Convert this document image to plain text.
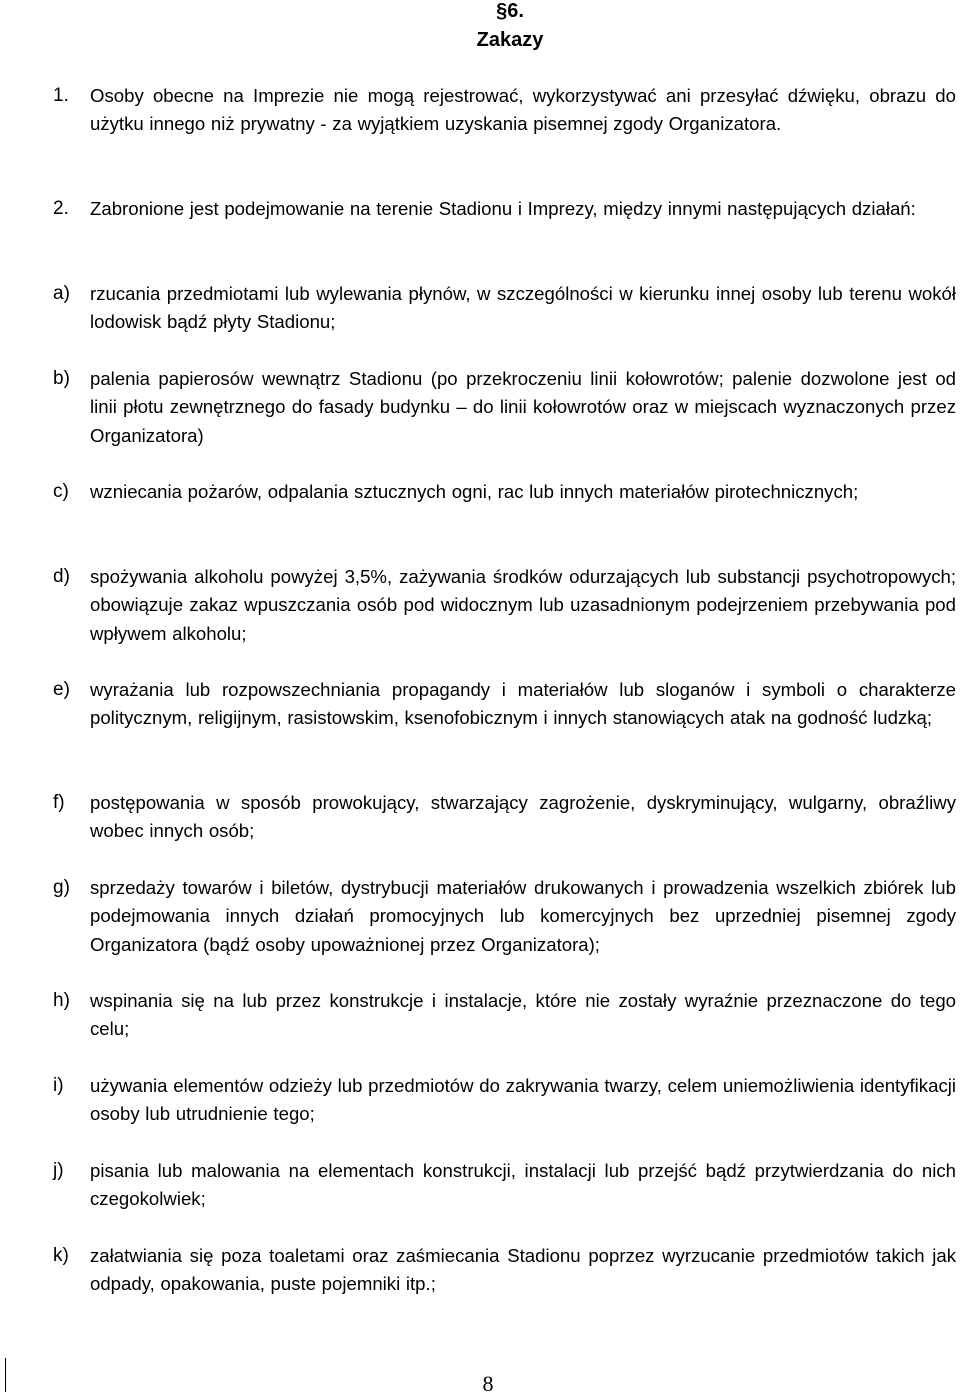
§6.
Zakazy
1.	Osoby obecne na Imprezie nie mogą rejestrować, wykorzystywać ani przesyłać dźwięku, obrazu do użytku innego niż prywatny - za wyjątkiem uzyskania pisemnej zgody Organizatora.
2.	Zabronione jest podejmowanie na terenie Stadionu i Imprezy, między innymi następujących działań:
a)	rzucania przedmiotami lub wylewania płynów, w szczególności w kierunku innej osoby lub terenu wokół lodowisk bądź płyty Stadionu;
b)	palenia papierosów wewnątrz Stadionu (po przekroczeniu linii kołowrotów; palenie dozwolone jest od linii płotu zewnętrznego do fasady budynku – do linii kołowrotów oraz w miejscach wyznaczonych przez Organizatora)
c)	wzniecania pożarów, odpalania sztucznych ogni, rac lub innych materiałów pirotechnicznych;
d)	spożywania alkoholu powyżej 3,5%, zażywania środków odurzających lub substancji psychotropowych; obowiązuje zakaz wpuszczania osób pod widocznym lub uzasadnionym podejrzeniem przebywania pod wpływem alkoholu;
e)	wyrażania lub rozpowszechniania propagandy i materiałów lub sloganów i symboli o charakterze politycznym, religijnym, rasistowskim, ksenofobicznym i innych stanowiących atak na godność ludzką;
f)	postępowania w sposób prowokujący, stwarzający zagrożenie, dyskryminujący, wulgarny, obraźliwy wobec innych osób;
g)	sprzedaży towarów i biletów, dystrybucji materiałów drukowanych i prowadzenia wszelkich zbiórek lub podejmowania innych działań promocyjnych lub komercyjnych bez uprzedniej pisemnej zgody Organizatora (bądź osoby upoważnionej przez Organizatora);
h)	wspinania się na lub przez konstrukcje i instalacje, które nie zostały wyraźnie przeznaczone do tego celu;
i)	używania elementów odzieży lub przedmiotów do zakrywania twarzy, celem uniemożliwienia identyfikacji osoby lub utrudnienie tego;
j)	pisania lub malowania na elementach konstrukcji, instalacji lub przejść bądź przytwierdzania do nich czegokolwiek;
k)	załatwiania się poza toaletami oraz zaśmiecania Stadionu poprzez wyrzucanie przedmiotów takich jak odpady, opakowania, puste pojemniki itp.;
8
